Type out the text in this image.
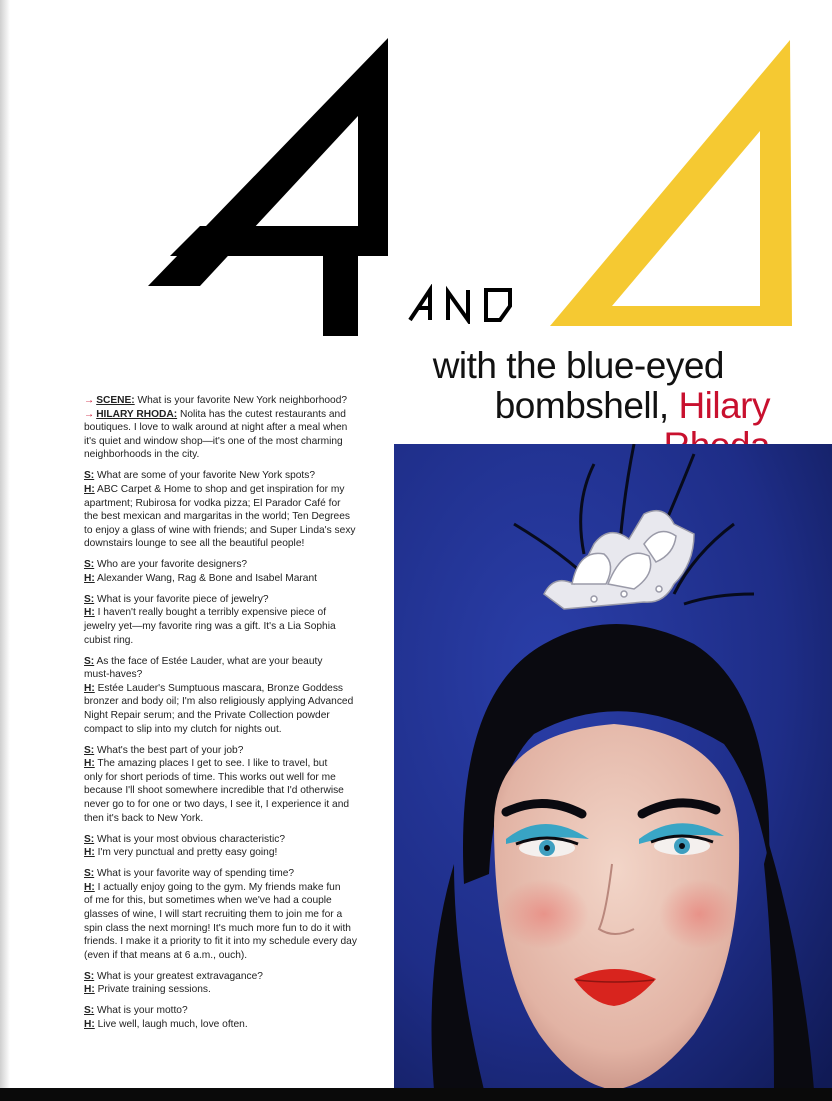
with the blue-eyed
bombshell, Hilary
→ SCENE: What is your favorite New York neighborhood?
→ HILARY RHODA: Nolita has the cutest restaurants and
boutiques. I love to walk around at night after a meal when
it's quiet and window shop—it's one of the most charming
neighborhoods in the city.
S: What are some of your favorite New York spots?
H: ABC Carpet & Home to shop and get inspiration for my
apartment; Rubirosa for vodka pizza; El Parador Café for
the best mexican and margaritas in the world; Ten Degrees
to enjoy a glass of wine with friends; and Super Linda's sexy
downstairs lounge to see all the beautiful people!
S: Who are your favorite designers?
H: Alexander Wang, Rag & Bone and Isabel Marant
S: What is your favorite piece of jewelry?
H: I haven't really bought a terribly expensive piece of
jewelry yet—my favorite ring was a gift. It's a Lia Sophia
cubist ring.
S: As the face of Estée Lauder, what are your beauty
must-haves?
H: Estée Lauder's Sumptuous mascara, Bronze Goddess
bronzer and body oil; I'm also religiously applying Advanced
Night Repair serum; and the Private Collection powder
compact to slip into my clutch for nights out.
S: What's the best part of your job?
H: The amazing places I get to see. I like to travel, but
only for short periods of time. This works out well for me
because I'll shoot somewhere incredible that I'd otherwise
never go to for one or two days, I see it, I experience it and
then it's back to New York.
S: What is your most obvious characteristic?
H: I'm very punctual and pretty easy going!
S: What is your favorite way of spending time?
H: I actually enjoy going to the gym. My friends make fun
of me for this, but sometimes when we've had a couple
glasses of wine, I will start recruiting them to join me for a
spin class the next morning! It's much more fun to do it with
friends. I make it a priority to fit it into my schedule every day
(even if that means at 6 a.m., ouch).
S: What is your greatest extravagance?
H: Private training sessions.
S: What is your motto?
H: Live well, laugh much, love often.
